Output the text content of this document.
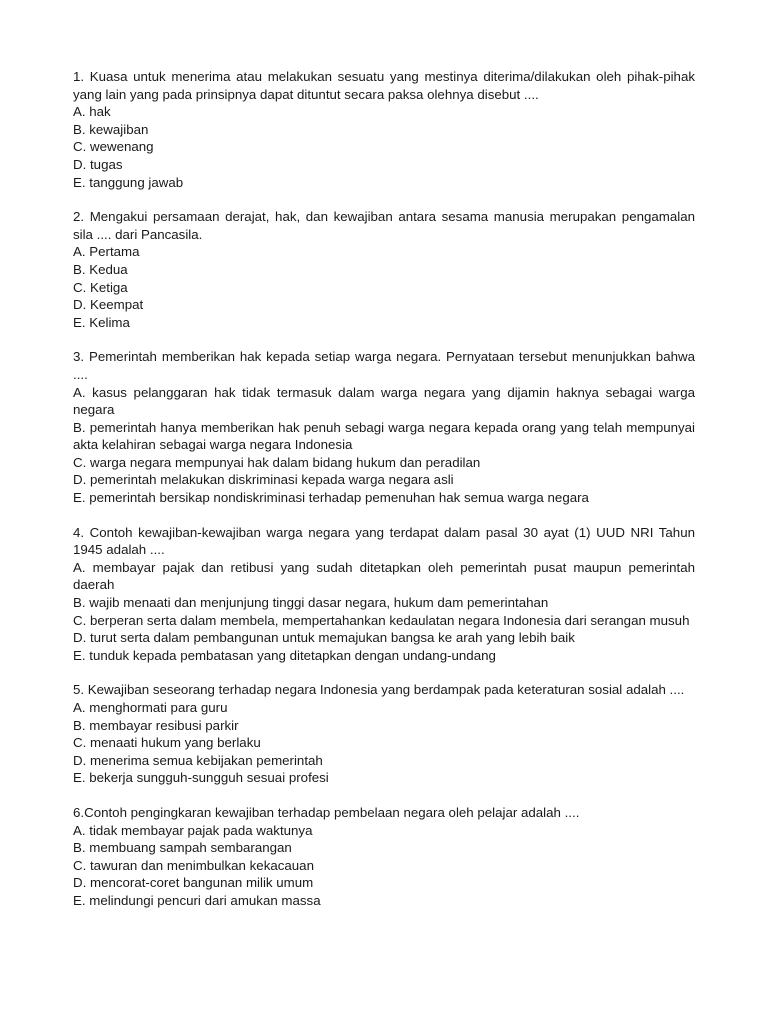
1. Kuasa untuk menerima atau melakukan sesuatu yang mestinya diterima/dilakukan oleh pihak-pihak yang lain yang pada prinsipnya dapat dituntut secara paksa olehnya disebut ....

A. hak
B. kewajiban
C. wewenang
D. tugas
E. tanggung jawab

2. Mengakui persamaan derajat, hak, dan kewajiban antara sesama manusia merupakan pengamalan sila .... dari Pancasila.

A. Pertama
B. Kedua
C. Ketiga
D. Keempat
E. Kelima

3. Pemerintah memberikan hak kepada setiap warga negara. Pernyataan tersebut menunjukkan bahwa ....

A. kasus pelanggaran hak tidak termasuk dalam warga negara yang dijamin haknya sebagai warga negara
B. pemerintah hanya memberikan hak penuh sebagi warga negara kepada orang yang telah mempunyai akta kelahiran sebagai warga negara Indonesia
C. warga negara mempunyai hak dalam bidang hukum dan peradilan
D. pemerintah melakukan diskriminasi kepada warga negara asli
E. pemerintah bersikap nondiskriminasi terhadap pemenuhan hak semua warga negara

4. Contoh kewajiban-kewajiban warga negara yang terdapat dalam pasal 30 ayat (1) UUD NRI Tahun 1945 adalah ....

A. membayar pajak dan retibusi yang sudah ditetapkan oleh pemerintah pusat maupun pemerintah daerah
B. wajib menaati dan menjunjung tinggi dasar negara, hukum dam pemerintahan
C. berperan serta dalam membela, mempertahankan kedaulatan negara Indonesia dari serangan musuh
D. turut serta dalam pembangunan untuk memajukan bangsa ke arah yang lebih baik
E. tunduk kepada pembatasan yang ditetapkan dengan undang-undang

5. Kewajiban seseorang terhadap negara Indonesia yang berdampak pada keteraturan sosial adalah ....

A. menghormati para guru
B. membayar resibusi parkir
C. menaati hukum yang berlaku
D. menerima semua kebijakan pemerintah
E. bekerja sungguh-sungguh sesuai profesi

6.Contoh pengingkaran kewajiban terhadap pembelaan negara oleh pelajar adalah ....

A. tidak membayar pajak pada waktunya
B. membuang sampah sembarangan
C. tawuran dan menimbulkan kekacauan
D. mencorat-coret bangunan milik umum
E. melindungi pencuri dari amukan massa
